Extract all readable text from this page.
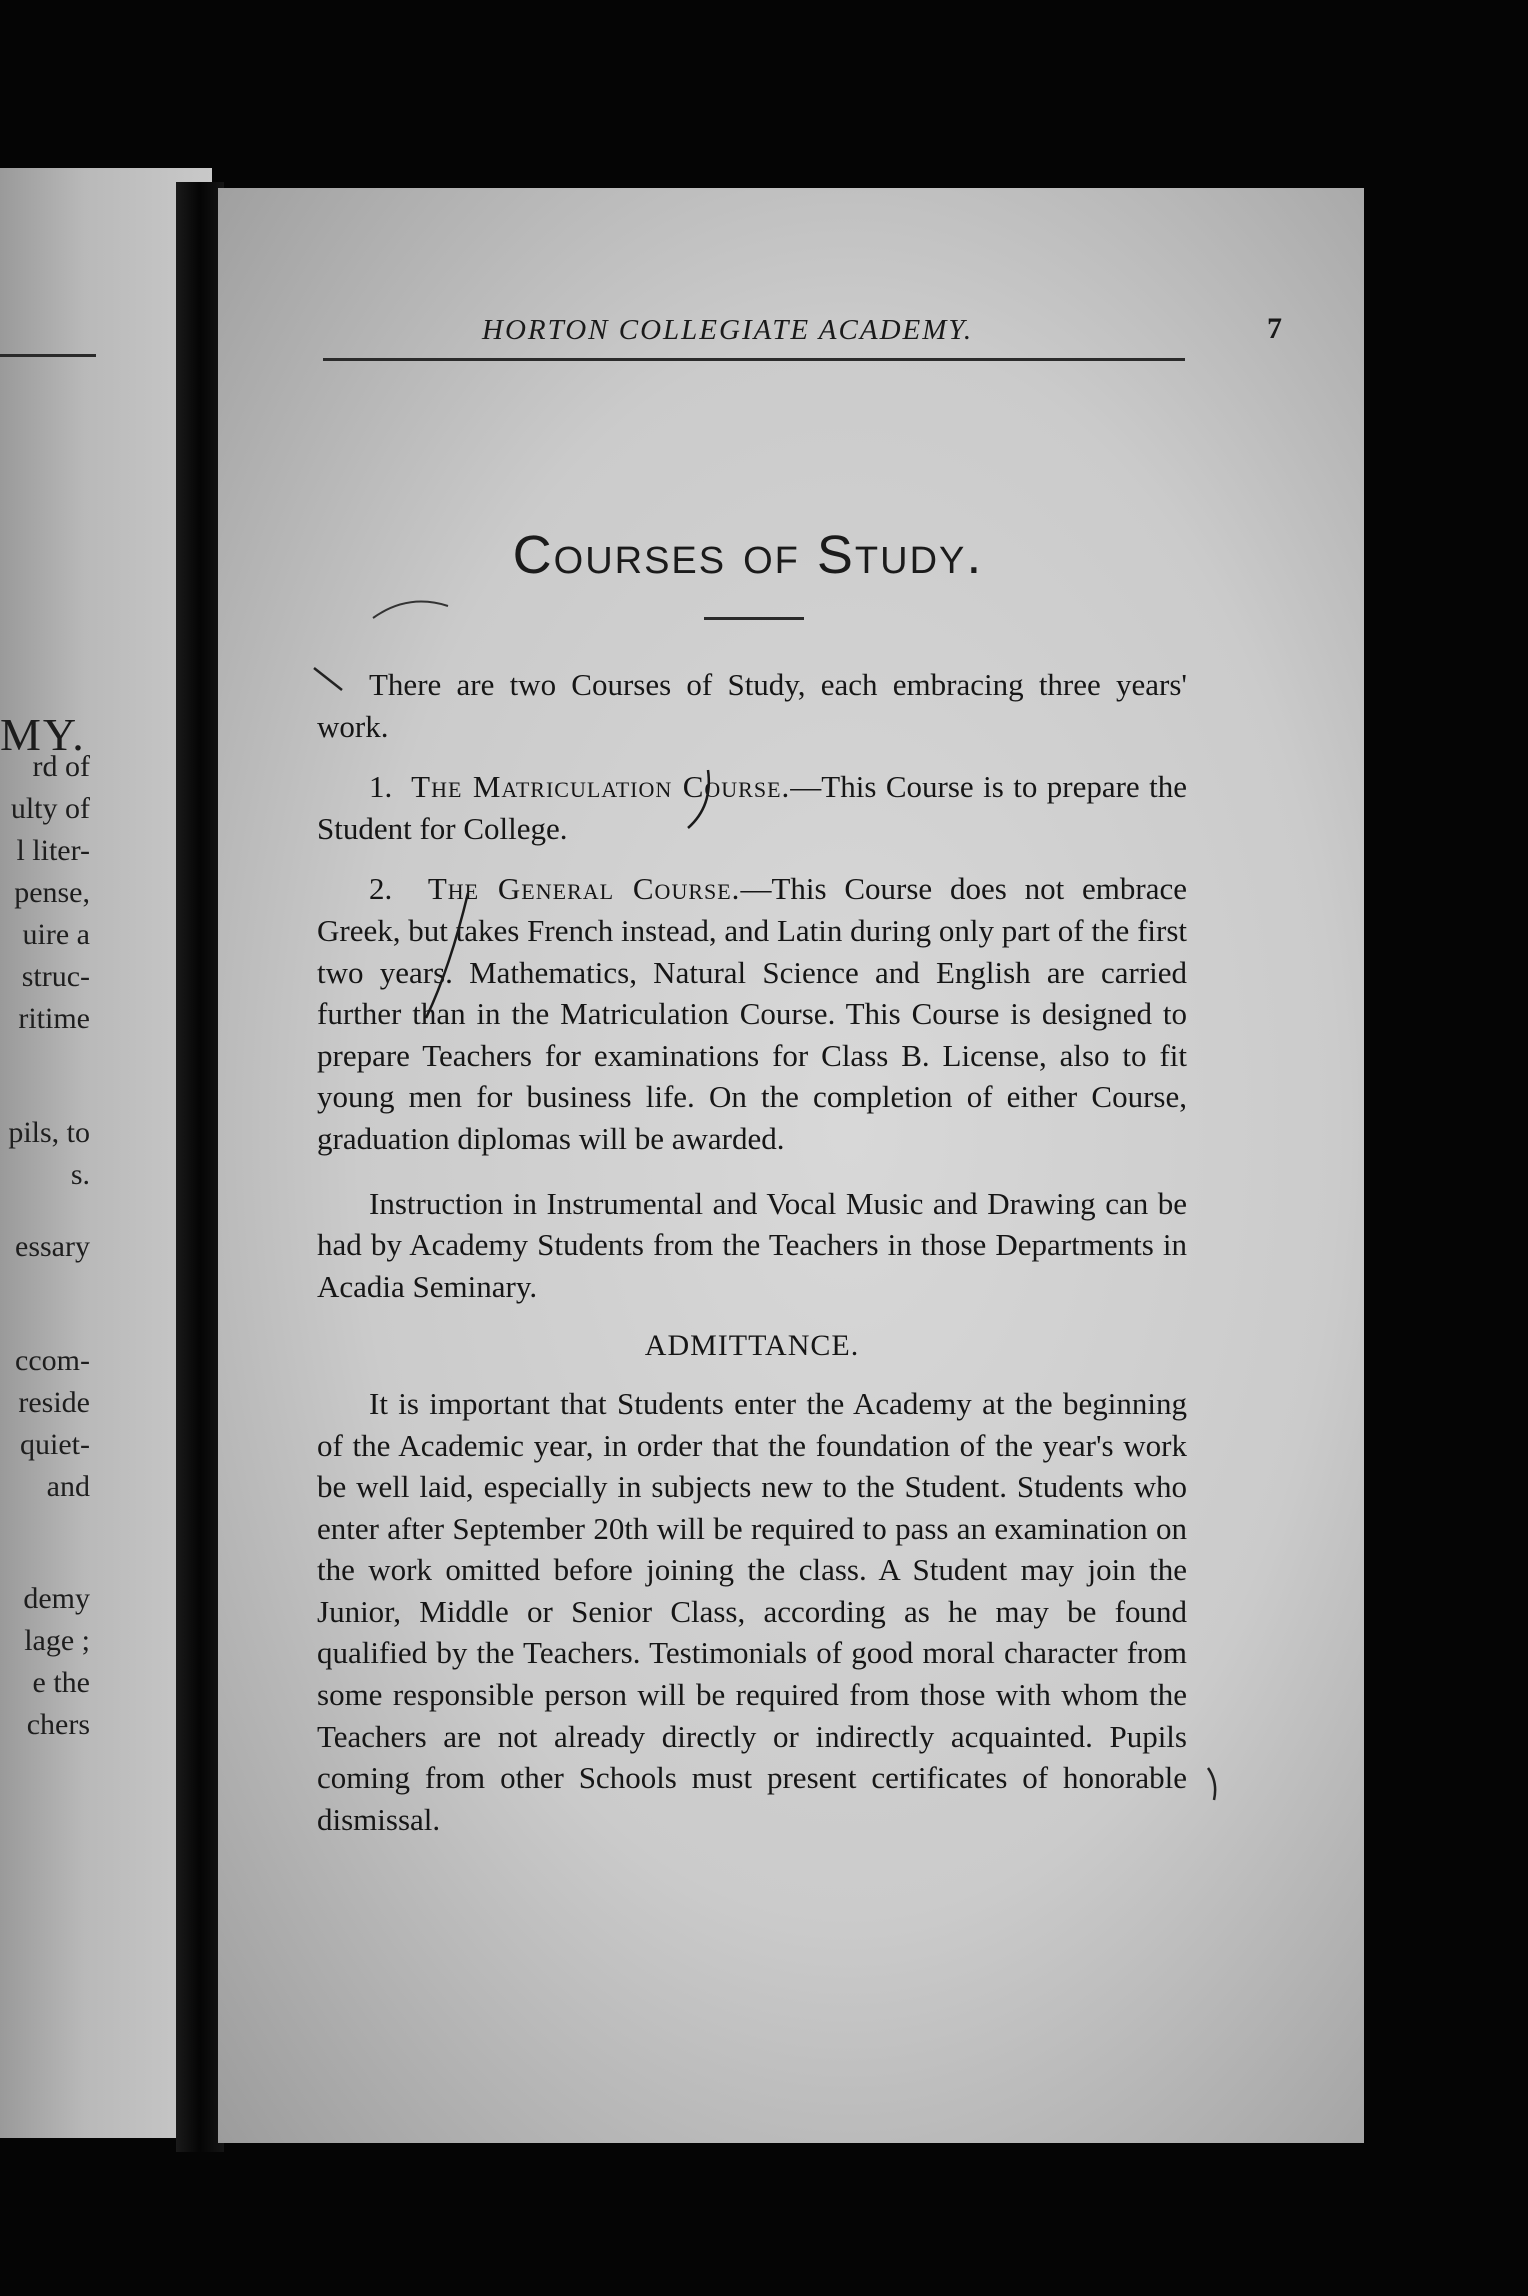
MY.
rd of
ulty of
l liter-
pense,
uire a
struc-
ritime
pils, to
s.
essary
ccom-
reside
quiet-
and
demy
lage ;
e the
chers
HORTON COLLEGIATE ACADEMY.	7
Courses of Study.

There are two Courses of Study, each embracing three years' work.

1. The Matriculation Course.—This Course is to prepare the Student for College.

2. The General Course.—This Course does not embrace Greek, but takes French instead, and Latin during only part of the first two years. Mathematics, Natural Science and English are carried further than in the Matriculation Course. This Course is designed to prepare Teachers for examinations for Class B. License, also to fit young men for business life. On the completion of either Course, graduation diplomas will be awarded.

Instruction in Instrumental and Vocal Music and Drawing can be had by Academy Students from the Teachers in those Departments in Acadia Seminary.

ADMITTANCE.

It is important that Students enter the Academy at the beginning of the Academic year, in order that the foundation of the year's work be well laid, especially in subjects new to the Student. Students who enter after September 20th will be required to pass an examination on the work omitted before joining the class. A Student may join the Junior, Middle or Senior Class, according as he may be found qualified by the Teachers. Testimonials of good moral character from some responsible person will be required from those with whom the Teachers are not already directly or indirectly acquainted. Pupils coming from other Schools must present certificates of honorable dismissal.
